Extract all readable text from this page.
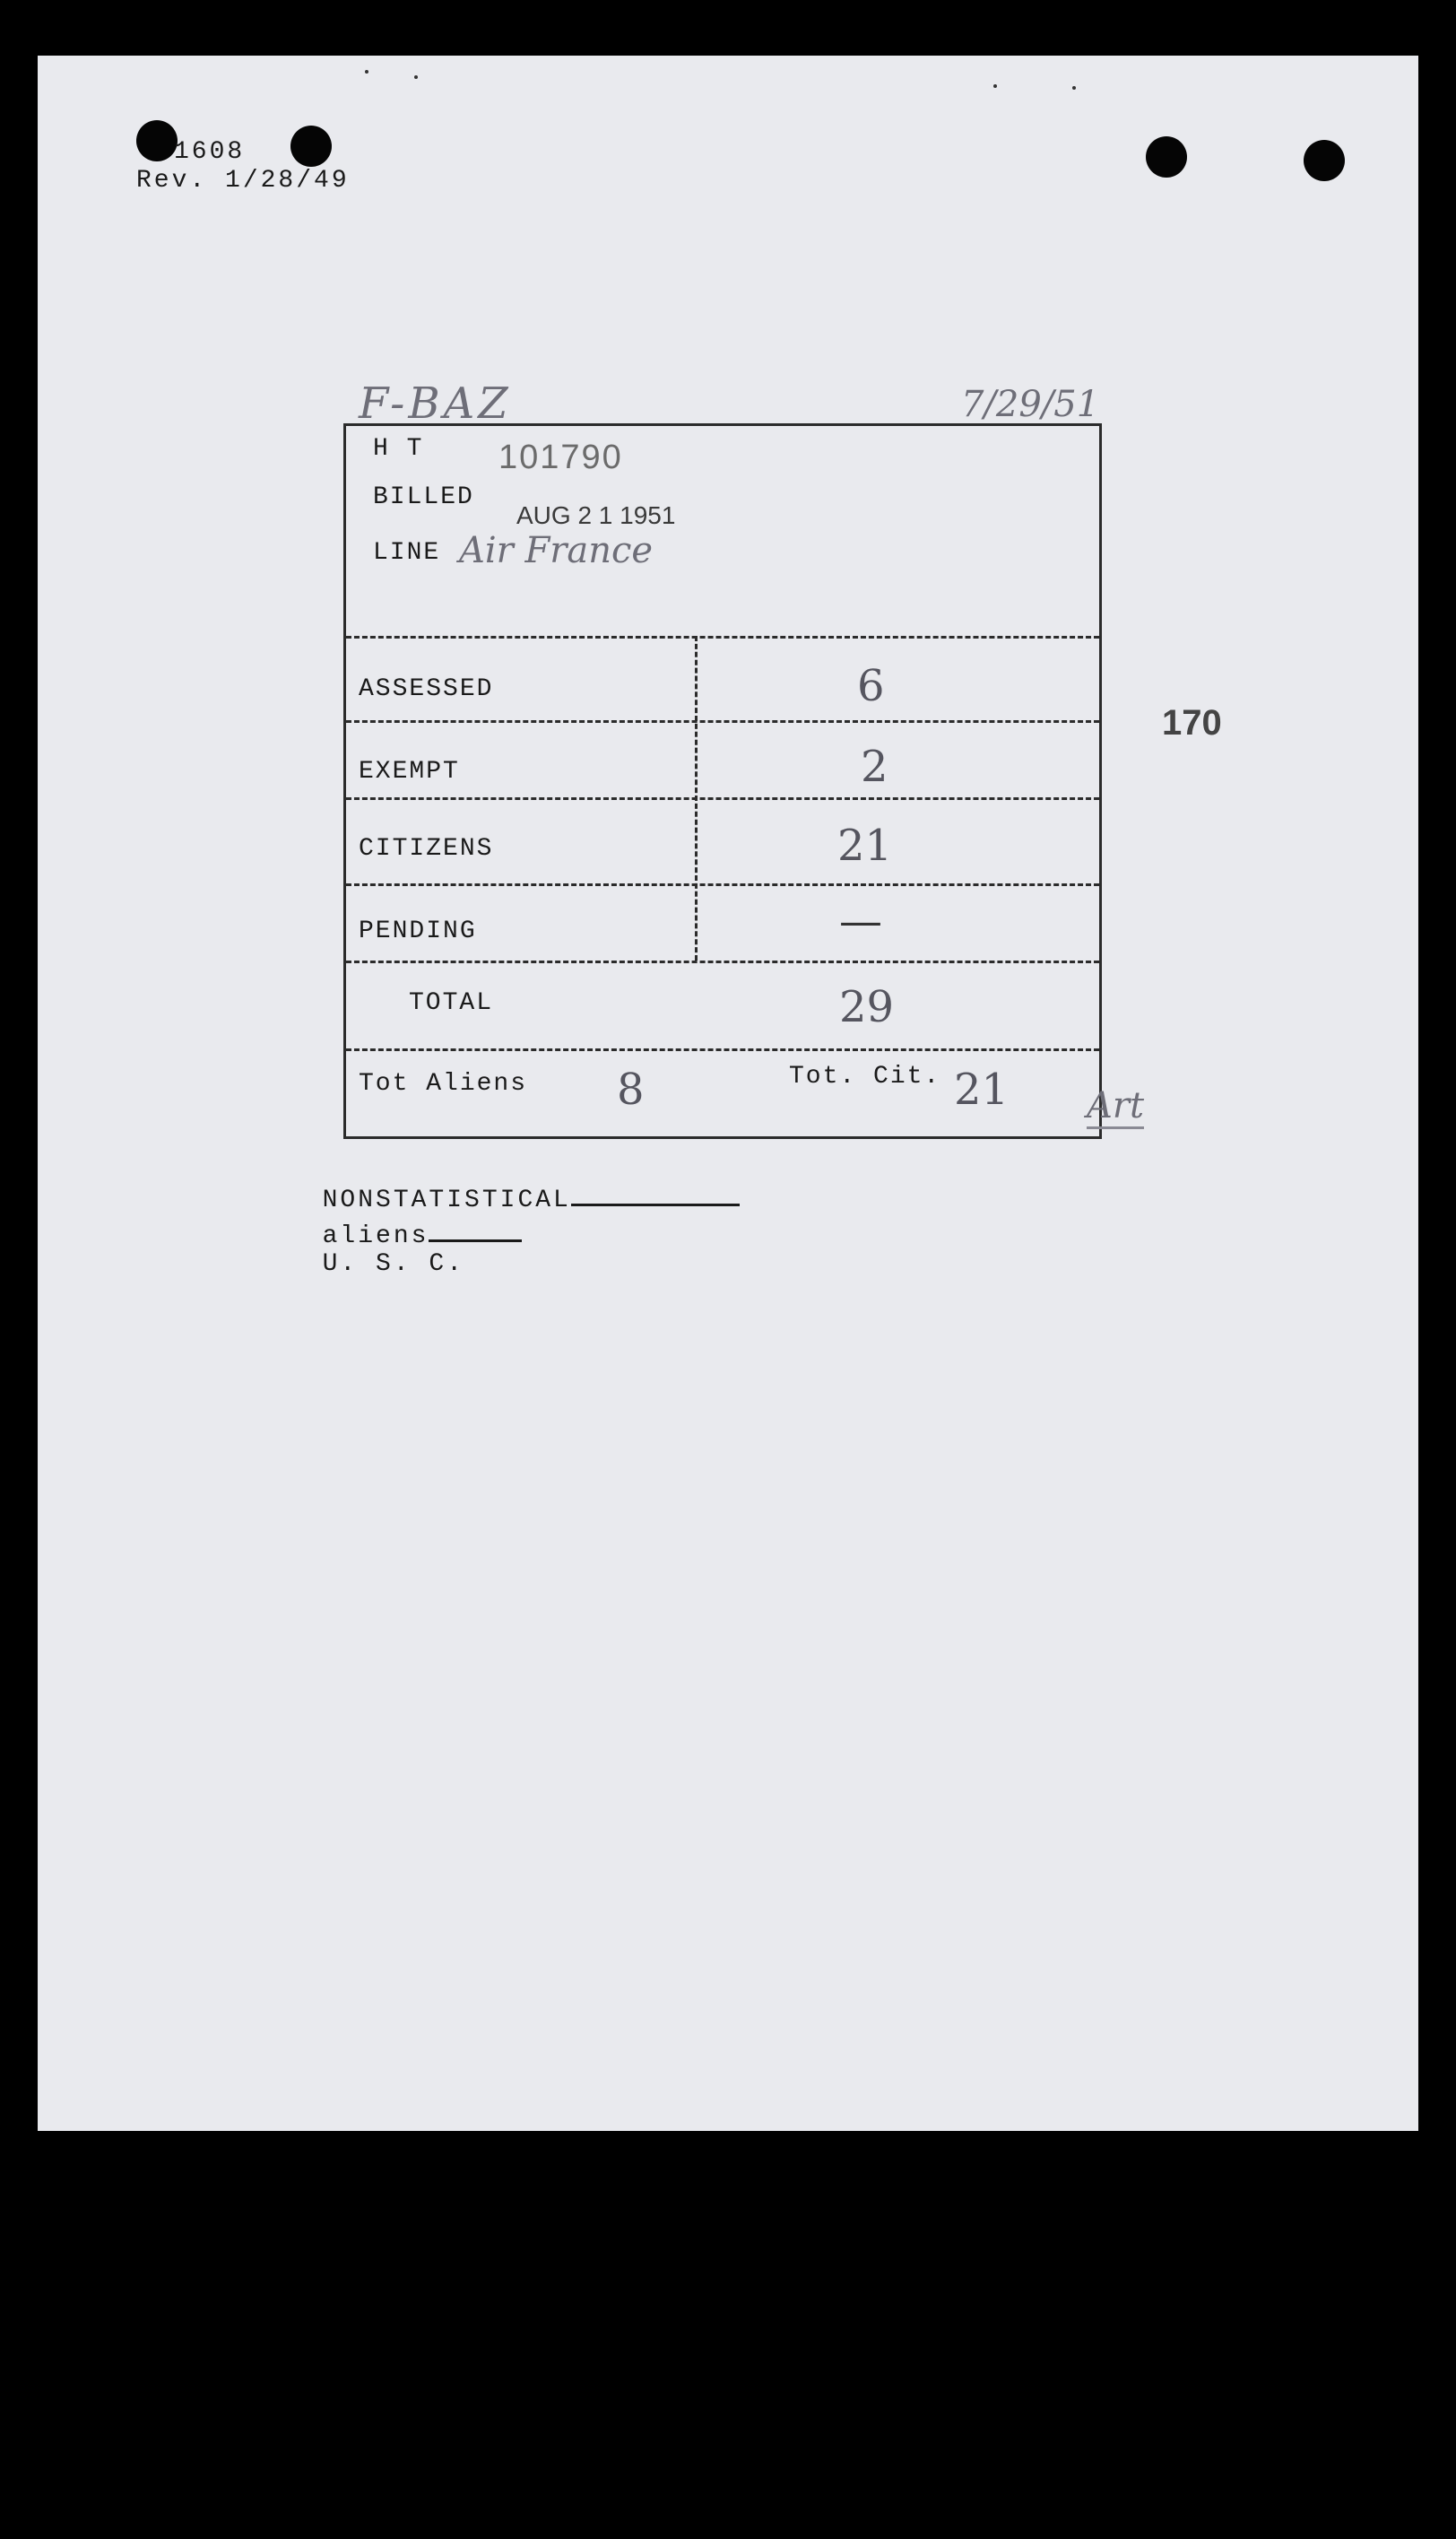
1608
Rev. 1/28/49
F-BAZ	7/29/51
170
H T 101790
BILLED
AUG 2 1 1951
LINE Air France
ASSESSED	6
EXEMPT	2
CITIZENS	21
PENDING	—
TOTAL	29
Tot Aliens 8	Tot. Cit. 21 Art

NONSTATISTICAL
aliens
U. S. C.
